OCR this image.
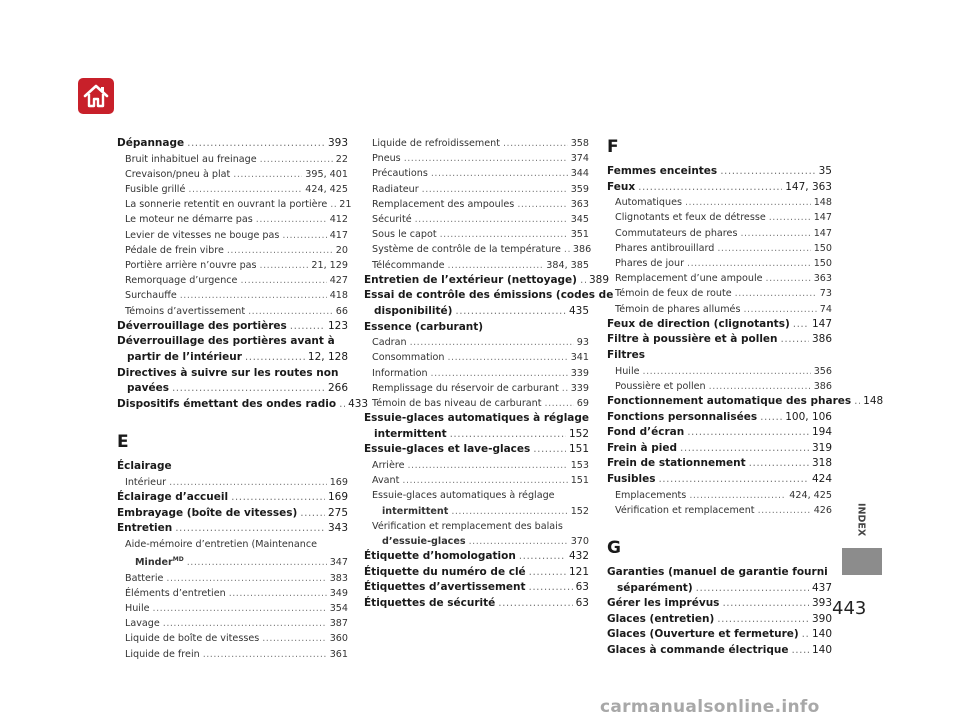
Dépannage .....	393
Bruit inhabituel au freinage .....	22
Crevaison/pneu à plat .....	395, 401
Fusible grillé .....	424, 425
La sonnerie retentit en ouvrant la portière ..... 21
Le moteur ne démarre pas .....	412
Levier de vitesses ne bouge pas .....	417
Pédale de frein vibre .....	20
Portière arrière n’ouvre pas .....	21, 129
Remorquage d’urgence .....	427
Surchauffe .....	418
Témoins d’avertissement .....	66
Déverrouillage des portières .....	123
Déverrouillage des portières avant à
partir de l’intérieur .....	12, 128
Directives à suivre sur les routes non
pavées .....	266
Dispositifs émettant des ondes radio ..... 433
E
Éclairage
Intérieur .....	169
Éclairage d’accueil .....	169
Embrayage (boîte de vitesses) .....	275
Entretien .....	343
Aide-mémoire d’entretien (Maintenance
Minder$^{MD}$ .....	347
Batterie .....	383
Éléments d’entretien .....	349
Huile .....	354
Lavage .....	387
Liquide de boîte de vitesses .....	360
Liquide de frein .....	361
Liquide de refroidissement .....	358
Pneus .....	374
Précautions .....	344
Radiateur .....	359
Remplacement des ampoules .....	363
Sécurité .....	345
Sous le capot .....	351
Système de contrôle de la température ..... 386
Télécommande .....	384, 385
Entretien de l’extérieur (nettoyage) ..... 389
Essai de contrôle des émissions (codes de
disponibilité) .....	435
Essence (carburant)
Cadran .....	93
Consommation .....	341
Information .....	339
Remplissage du réservoir de carburant ..... 339
Témoin de bas niveau de carburant .....	69
Essuie-glaces automatiques à réglage
intermittent .....	152
Essuie-glaces et lave-glaces .....	151
Arrière .....	153
Avant .....	151
Essuie-glaces automatiques à réglage
intermittent .....	152
Vérification et remplacement des balais
d’essuie-glaces .....	370
Étiquette d’homologation .....	432
Étiquette du numéro de clé .....	121
Étiquettes d’avertissement .....	63
Étiquettes de sécurité .....	63
F
Femmes enceintes .....	35
Feux .....	147, 363
Automatiques .....	148
Clignotants et feux de détresse .....	147
Commutateurs de phares .....	147
Phares antibrouillard .....	150
Phares de jour .....	150
Remplacement d’une ampoule .....	363
Témoin de feux de route .....	73
Témoin de phares allumés .....	74
Feux de direction (clignotants) ..... 147
Filtre à poussière et à pollen .....	386
Filtres
Huile .....	356
Poussière et pollen .....	386
Fonctionnement automatique des phares ..... 148
Fonctions personnalisées .....	100, 106
Fond d’écran .....	194
Frein à pied .....	319
Frein de stationnement .....	318
Fusibles .....	424
Emplacements .....	424, 425
Vérification et remplacement .....	426
G
Garanties (manuel de garantie fourni
séparément) .....	437
Gérer les imprévus .....	393
Glaces (entretien) .....	390
Glaces (Ouverture et fermeture) ..... 140
Glaces à commande électrique ..... 140
INDEX
443
carmanualsonline.info
